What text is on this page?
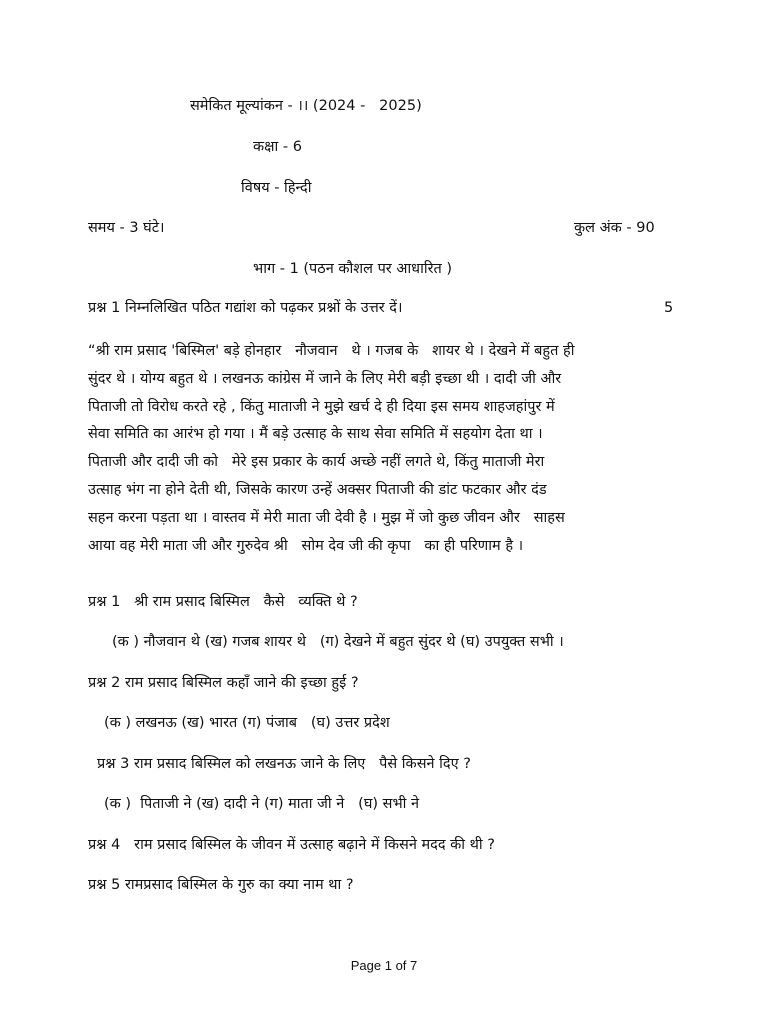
समेकित मूल्यांकन - ।। (2024 -   2025)
कक्षा - 6
विषय - हिन्दी
समय - 3 घंटे।	कुल अंक - 90
भाग - 1 (पठन कौशल पर आधारित )
प्रश्न 1 निम्नलिखित पठित गद्यांश को पढ़कर प्रश्नों के उत्तर दें।	5
“श्री राम प्रसाद 'बिस्मिल' बड़े होनहार   नौजवान   थे । गजब के   शायर थे । देखने में बहुत ही
सुंदर थे । योग्य बहुत थे । लखनऊ कांग्रेस में जाने के लिए मेरी बड़ी इच्छा थी । दादी जी और
पिताजी तो विरोध करते रहे , किंतु माताजी ने मुझे खर्च दे ही दिया इस समय शाहजहांपुर में
सेवा समिति का आरंभ हो गया । मैं बड़े उत्साह के साथ सेवा समिति में सहयोग देता था ।
पिताजी और दादी जी को   मेरे इस प्रकार के कार्य अच्छे नहीं लगते थे, किंतु माताजी मेरा
उत्साह भंग ना होने देती थी, जिसके कारण उन्हें अक्सर पिताजी की डांट फटकार और दंड
सहन करना पड़ता था । वास्तव में मेरी माता जी देवी है । मुझ में जो कुछ जीवन और   साहस
आया वह मेरी माता जी और गुरुदेव श्री   सोम देव जी की कृपा   का ही परिणाम है ।
प्रश्न 1   श्री राम प्रसाद बिस्मिल   कैसे   व्यक्ति थे ?
(क ) नौजवान थे (ख) गजब शायर थे   (ग) देखने में बहुत सुंदर थे (घ) उपयुक्त सभी ।
प्रश्न 2 राम प्रसाद बिस्मिल कहाँ जाने की इच्छा हुई ?
(क ) लखनऊ (ख) भारत (ग) पंजाब   (घ) उत्तर प्रदेश
प्रश्न 3 राम प्रसाद बिस्मिल को लखनऊ जाने के लिए   पैसे किसने दिए ?
(क )  पिताजी ने (ख) दादी ने (ग) माता जी ने   (घ) सभी ने
प्रश्न 4   राम प्रसाद बिस्मिल के जीवन में उत्साह बढ़ाने में किसने मदद की थी ?
प्रश्न 5 रामप्रसाद बिस्मिल के गुरु का क्या नाम था ?
Page 1 of 7
